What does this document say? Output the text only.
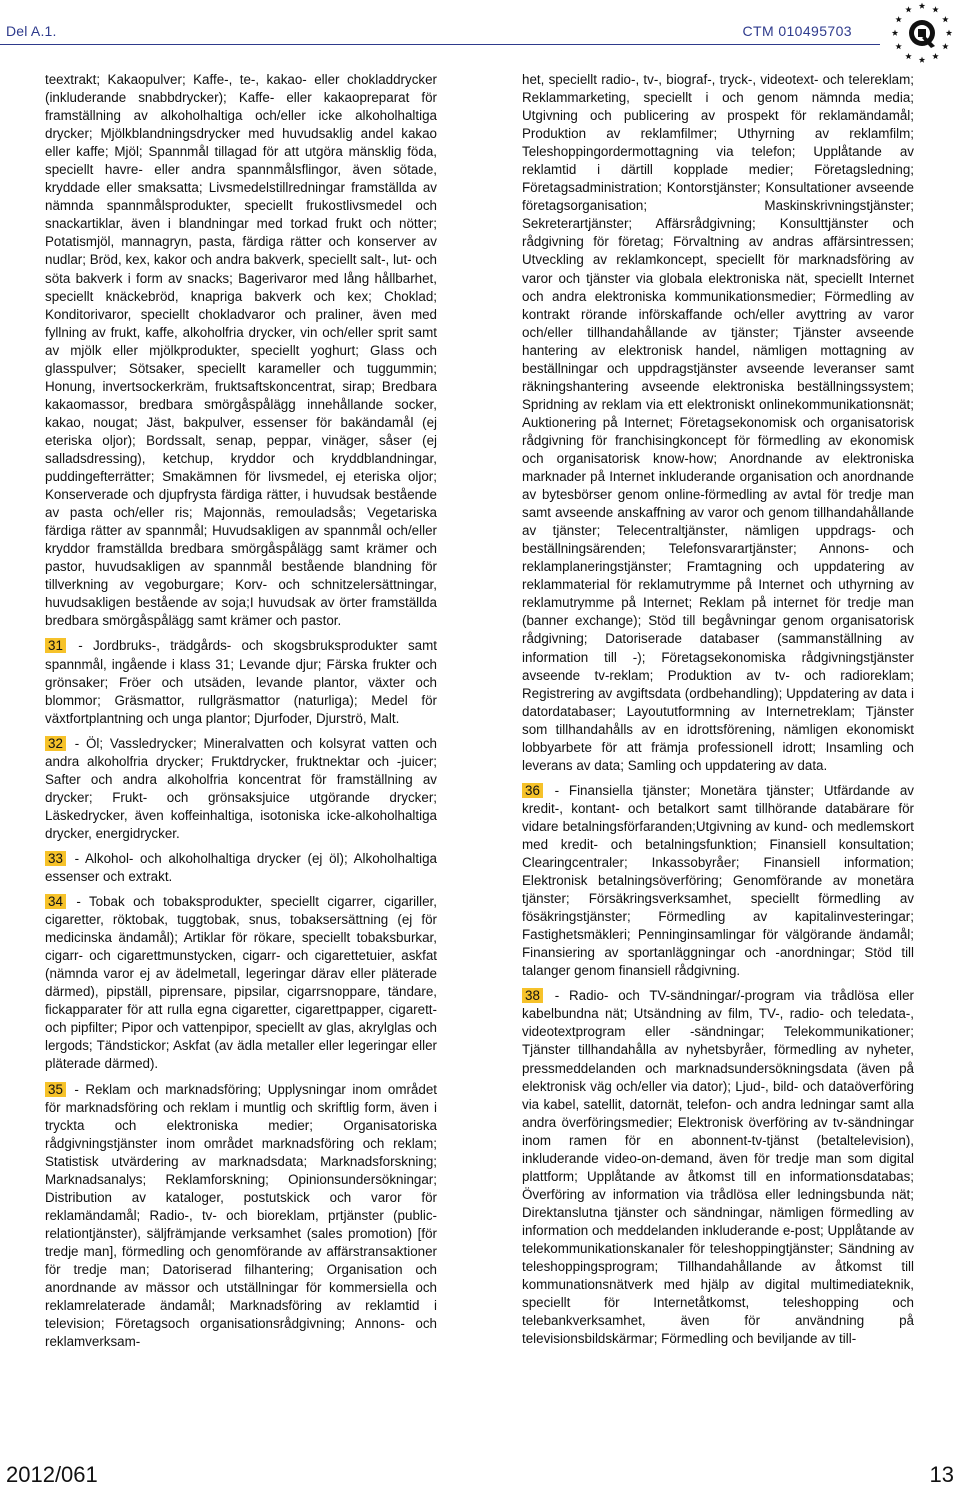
Del A.1.	CTM 010495703

teextrakt; Kakaopulver; Kaffe-, te-, kakao- eller chokladdrycker (inkluderande snabbdrycker); Kaffe- eller kakaopreparat för framställning av alkoholhaltiga och/eller icke alkoholhaltiga drycker; Mjölkblandningsdrycker med huvudsaklig andel kakao eller kaffe; Mjöl; Spannmål tillagad för att utgöra mänsklig föda, speciellt havre- eller andra spannmålsflingor, även sötade, kryddade eller smaksatta; Livsmedelstillredningar framställda av nämnda spannmålsprodukter, speciellt frukostlivsmedel och snackartiklar, även i blandningar med torkad frukt och nötter; Potatismjöl, mannagryn, pasta, färdiga rätter och konserver av nudlar; Bröd, kex, kakor och andra bakverk, speciellt salt-, lut- och söta bakverk i form av snacks; Bagerivaror med lång hållbarhet, speciellt knäckebröd, knapriga bakverk och kex; Choklad; Konditorivaror, speciellt chokladvaror och praliner, även med fyllning av frukt, kaffe, alkoholfria drycker, vin och/eller sprit samt av mjölk eller mjölkprodukter, speciellt yoghurt; Glass och glasspulver; Sötsaker, speciellt karameller och tuggummin; Honung, invertsockerkräm, fruktsaftskoncentrat, sirap; Bredbara kakaomassor, bredbara smörgåspålägg innehållande socker, kakao, nougat; Jäst, bakpulver, essenser för bakändamål (ej eteriska oljor); Bordssalt, senap, peppar, vinäger, såser (ej salladsdressing), ketchup, kryddor och kryddblandningar, puddingefterrätter; Smakämnen för livsmedel, ej eteriska oljor; Konserverade och djupfrysta färdiga rätter, i huvudsak bestående av pasta och/eller ris; Majonnäs, remouladsås; Vegetariska färdiga rätter av spannmål; Huvudsakligen av spannmål och/eller kryddor framställda bredbara smörgåspålägg samt krämer och pastor, huvudsakligen av spannmål bestående blandning för tillverkning av vegoburgare; Korv- och schnitzelersättningar, huvudsakligen bestående av soja;I huvudsak av örter framställda bredbara smörgåspålägg samt krämer och pastor.

31 - Jordbruks-, trädgårds- och skogsbruksprodukter samt spannmål, ingående i klass 31; Levande djur; Färska frukter och grönsaker; Fröer och utsäden, levande plantor, växter och blommor; Gräsmattor, rullgräsmattor (naturliga); Medel för växtfortplantning och unga plantor; Djurfoder, Djurströ, Malt.

32 - Öl; Vassledrycker; Mineralvatten och kolsyrat vatten och andra alkoholfria drycker; Fruktdrycker, fruktnektar och -juicer; Safter och andra alkoholfria koncentrat för framställning av drycker; Frukt- och grönsaksjuice utgörande drycker; Läskedrycker, även koffeinhaltiga, isotoniska icke-alkoholhaltiga drycker, energidrycker.

33 - Alkohol- och alkoholhaltiga drycker (ej öl); Alkoholhaltiga essenser och extrakt.

34 - Tobak och tobaksprodukter, speciellt cigarrer, cigariller, cigaretter, röktobak, tuggtobak, snus, tobaksersättning (ej för medicinska ändamål); Artiklar för rökare, speciellt tobaksburkar, cigarr- och cigarettmunstycken, cigarr- och cigarettetuier, askfat (nämnda varor ej av ädelmetall, legeringar därav eller pläterade därmed), pipställ, piprensare, pipsilar, cigarrsnoppare, tändare, fickapparater för att rulla egna cigaretter, cigarettpapper, cigarett- och pipfilter; Pipor och vattenpipor, speciellt av glas, akrylglas och lergods; Tändstickor; Askfat (av ädla metaller eller legeringar eller pläterade därmed).

35 - Reklam och marknadsföring; Upplysningar inom området för marknadsföring och reklam i muntlig och skriftlig form, även i tryckta och elektroniska medier; Organisatoriska rådgivningstjänster inom området marknadsföring och reklam; Statistisk utvärdering av marknadsdata; Marknadsforskning; Marknadsanalys; Reklamforskning; Opinionsundersökningar; Distribution av kataloger, postutskick och varor för reklamändamål; Radio-, tv- och bioreklam, prtjänster (public-relationtjänster), säljfrämjande verksamhet (sales promotion) [för tredje man], förmedling och genomförande av affärstransaktioner för tredje man; Datoriserad filhantering; Organisation och anordnande av mässor och utställningar för kommersiella och reklamrelaterade ändamål; Marknadsföring av reklamtid i television; Företagsoch organisationsrådgivning; Annons- och reklamverksam-

het, speciellt radio-, tv-, biograf-, tryck-, videotext- och telereklam; Reklammarketing, speciellt i och genom nämnda media; Utgivning och publicering av prospekt för reklamändamål; Produktion av reklamfilmer; Uthyrning av reklamfilm; Teleshoppingordermottagning via telefon; Upplåtande av reklamtid i därtill kopplade medier; Företagsledning; Företagsadministration; Kontorstjänster; Konsultationer avseende företagsorganisation; Maskinskrivningstjänster; Sekreterartjänster; Affärsrådgivning; Konsulttjänster och rådgivning för företag; Förvaltning av andras affärsintressen; Utveckling av reklamkoncept, speciellt för marknadsföring av varor och tjänster via globala elektroniska nät, speciellt Internet och andra elektroniska kommunikationsmedier; Förmedling av kontrakt rörande införskaffande och/eller avyttring av varor och/eller tillhandahållande av tjänster; Tjänster avseende hantering av elektronisk handel, nämligen mottagning av beställningar och uppdragstjänster avseende leveranser samt räkningshantering avseende elektroniska beställningssystem; Spridning av reklam via ett elektroniskt onlinekommunikationsnät; Auktionering på Internet; Företagsekonomisk och organisatorisk rådgivning för franchisingkoncept för förmedling av ekonomisk och organisatorisk know-how; Anordnande av elektroniska marknader på Internet inkluderande organisation och anordnande av bytesbörser genom online-förmedling av avtal för tredje man samt avseende anskaffning av varor och genom tillhandahållande av tjänster; Telecentraltjänster, nämligen uppdrags- och beställningsärenden; Telefonsvarartjänster; Annons- och reklamplaneringstjänster; Framtagning och uppdatering av reklammaterial för reklamutrymme på Internet och uthyrning av reklamutrymme på Internet; Reklam på internet för tredje man (banner exchange); Stöd till begåvningar genom organisatorisk rådgivning; Datoriserade databaser (sammanställning av information till -); Företagsekonomiska rådgivningstjänster avseende tv-reklam; Produktion av tv- och radioreklam; Registrering av avgiftsdata (ordbehandling); Uppdatering av data i datordatabaser; Layoututformning av Internetreklam; Tjänster som tillhandahålls av en idrottsförening, nämligen ekonomiskt lobbyarbete för att främja professionell idrott; Insamling och leverans av data; Samling och uppdatering av data.

36 - Finansiella tjänster; Monetära tjänster; Utfärdande av kredit-, kontant- och betalkort samt tillhörande databärare för vidare betalningsförfaranden;Utgivning av kund- och medlemskort med kredit- och betalningsfunktion; Finansiell konsultation; Clearingcentraler; Inkassobyråer; Finansiell information; Elektronisk betalningsöverföring; Genomförande av monetära tjänster; Försäkringsverksamhet, speciellt förmedling av fösäkringstjänster; Förmedling av kapitalinvesteringar; Fastighetsmäkleri; Penninginsamlingar för välgörande ändamål; Finansiering av sportanläggningar och -anordningar; Stöd till talanger genom finansiell rådgivning.

38 - Radio- och TV-sändningar/-program via trådlösa eller kabelbundna nät; Utsändning av film, TV-, radio- och teledata-, videotextprogram eller -sändningar; Telekommunikationer; Tjänster tillhandahålla av nyhetsbyråer, förmedling av nyheter, pressmeddelanden och marknadsundersökningsdata (även på elektronisk väg och/eller via dator); Ljud-, bild- och dataöverföring via kabel, satellit, datornät, telefon- och andra ledningar samt alla andra överföringsmedier; Elektronisk överföring av tv-sändningar inom ramen för en abonnent-tv-tjänst (betaltelevision), inkluderande video-on-demand, även för tredje man som digital plattform; Upplåtande av åtkomst till en informationsdatabas; Överföring av information via trådlösa eller ledningsbunda nät; Direktanslutna tjänster och sändningar, nämligen förmedling av information och meddelanden inkluderande e-post; Upplåtande av telekommunikationskanaler för teleshoppingtjänster; Sändning av teleshoppingsprogram; Tillhandahållande av åtkomst till kommunationsnätverk med hjälp av digital multimediateknik, speciellt för Internetåtkomst, teleshopping och telebankverksamhet, även för användning på televisionsbildskärmar; Förmedling och beviljande av till-

2012/061	13
